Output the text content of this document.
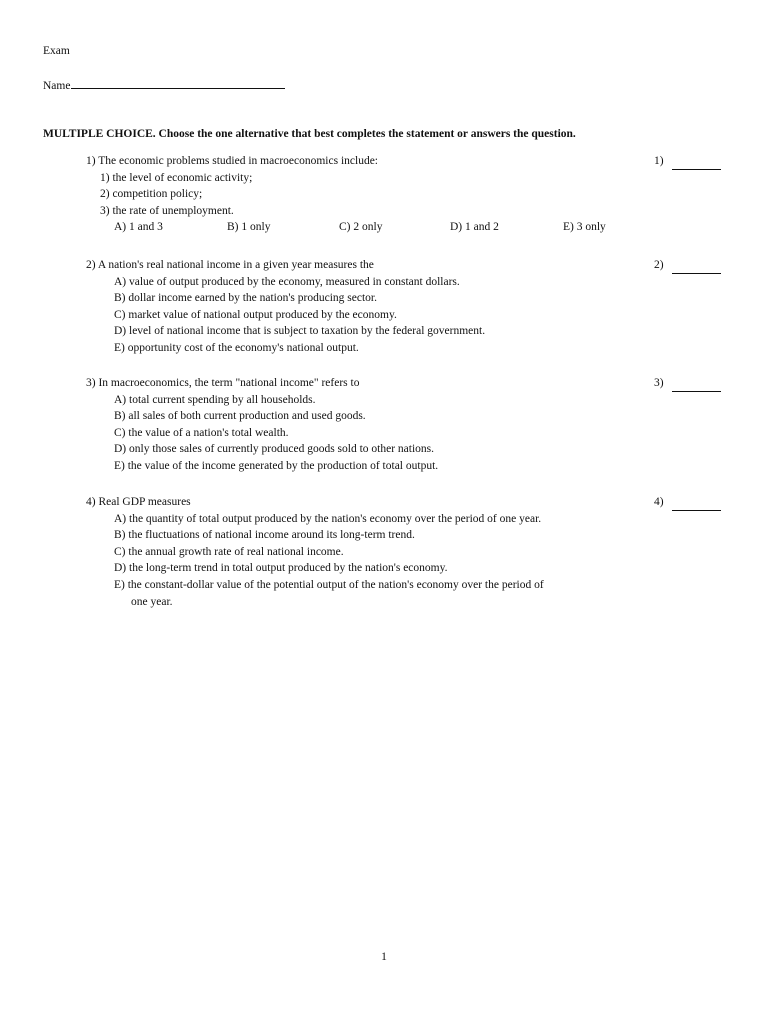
Exam
Name
MULTIPLE CHOICE. Choose the one alternative that best completes the statement or answers the question.
1) The economic problems studied in macroeconomics include:	1)
1) the level of economic activity;
2) competition policy;
3) the rate of unemployment.
A) 1 and 3	B) 1 only	C) 2 only	D) 1 and 2	E) 3 only
2) A nation's real national income in a given year measures the	2)
A) value of output produced by the economy, measured in constant dollars.
B) dollar income earned by the nation's producing sector.
C) market value of national output produced by the economy.
D) level of national income that is subject to taxation by the federal government.
E) opportunity cost of the economy's national output.
3) In macroeconomics, the term "national income" refers to	3)
A) total current spending by all households.
B) all sales of both current production and used goods.
C) the value of a nation's total wealth.
D) only those sales of currently produced goods sold to other nations.
E) the value of the income generated by the production of total output.
4) Real GDP measures	4)
A) the quantity of total output produced by the nation's economy over the period of one year.
B) the fluctuations of national income around its long-term trend.
C) the annual growth rate of real national income.
D) the long-term trend in total output produced by the nation's economy.
E) the constant-dollar value of the potential output of the nation's economy over the period of
one year.
1
